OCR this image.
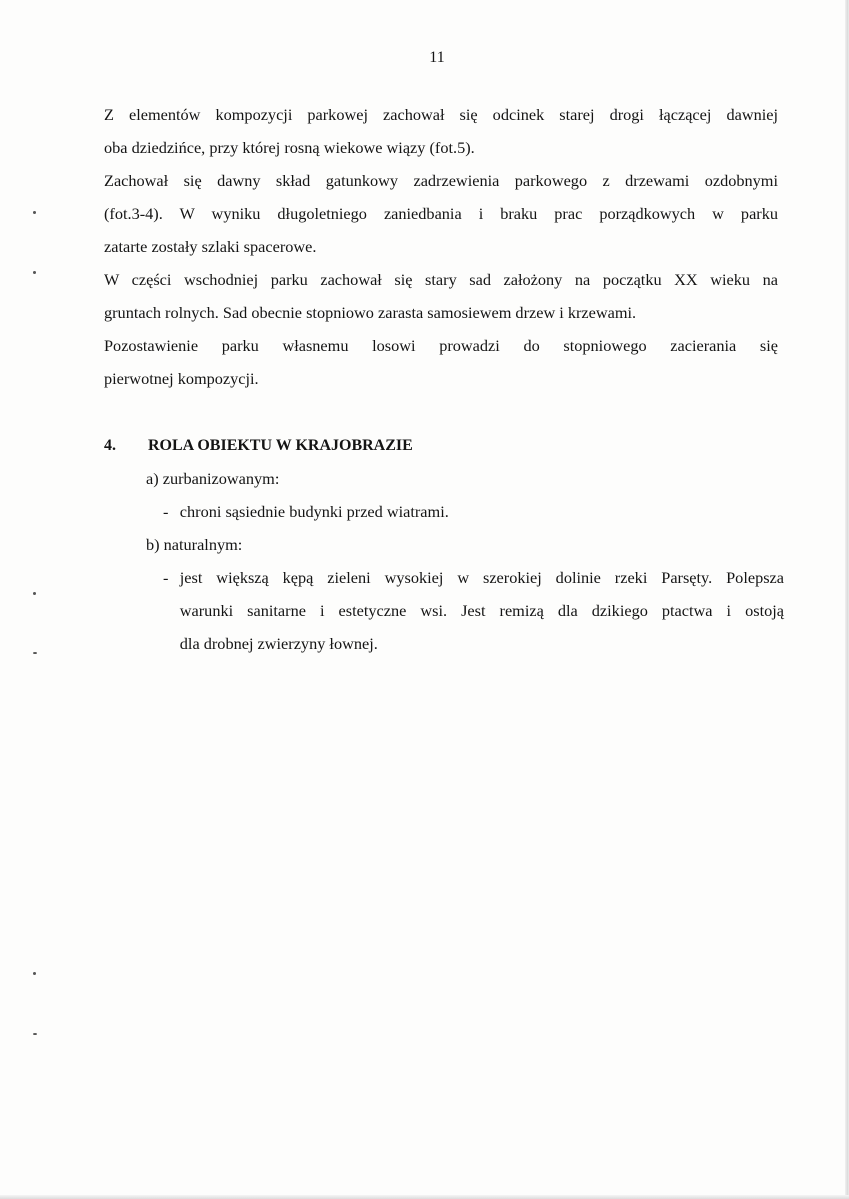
11

Z elementów kompozycji parkowej zachował się odcinek starej drogi łączącej dawniej
oba dziedzińce, przy której rosną wiekowe wiązy (fot.5).

Zachował się dawny skład gatunkowy zadrzewienia parkowego z drzewami ozdobnymi
(fot.3-4). W wyniku długoletniego zaniedbania i braku prac porządkowych w parku
zatarte zostały szlaki spacerowe.

W części wschodniej parku zachował się stary sad założony na początku XX wieku na
gruntach rolnych. Sad obecnie stopniowo zarasta samosiewem drzew i krzewami.

Pozostawienie parku własnemu losowi prowadzi do stopniowego zacierania się
pierwotnej kompozycji.

4.	ROLA OBIEKTU W KRAJOBRAZIE
a) zurbanizowanym:
- chroni sąsiednie budynki przed wiatrami.
b) naturalnym:
- jest większą kępą zieleni wysokiej w szerokiej dolinie rzeki Parsęty. Polepsza
warunki sanitarne i estetyczne wsi. Jest remizą dla dzikiego ptactwa i ostoją
dla drobnej zwierzyny łownej.
